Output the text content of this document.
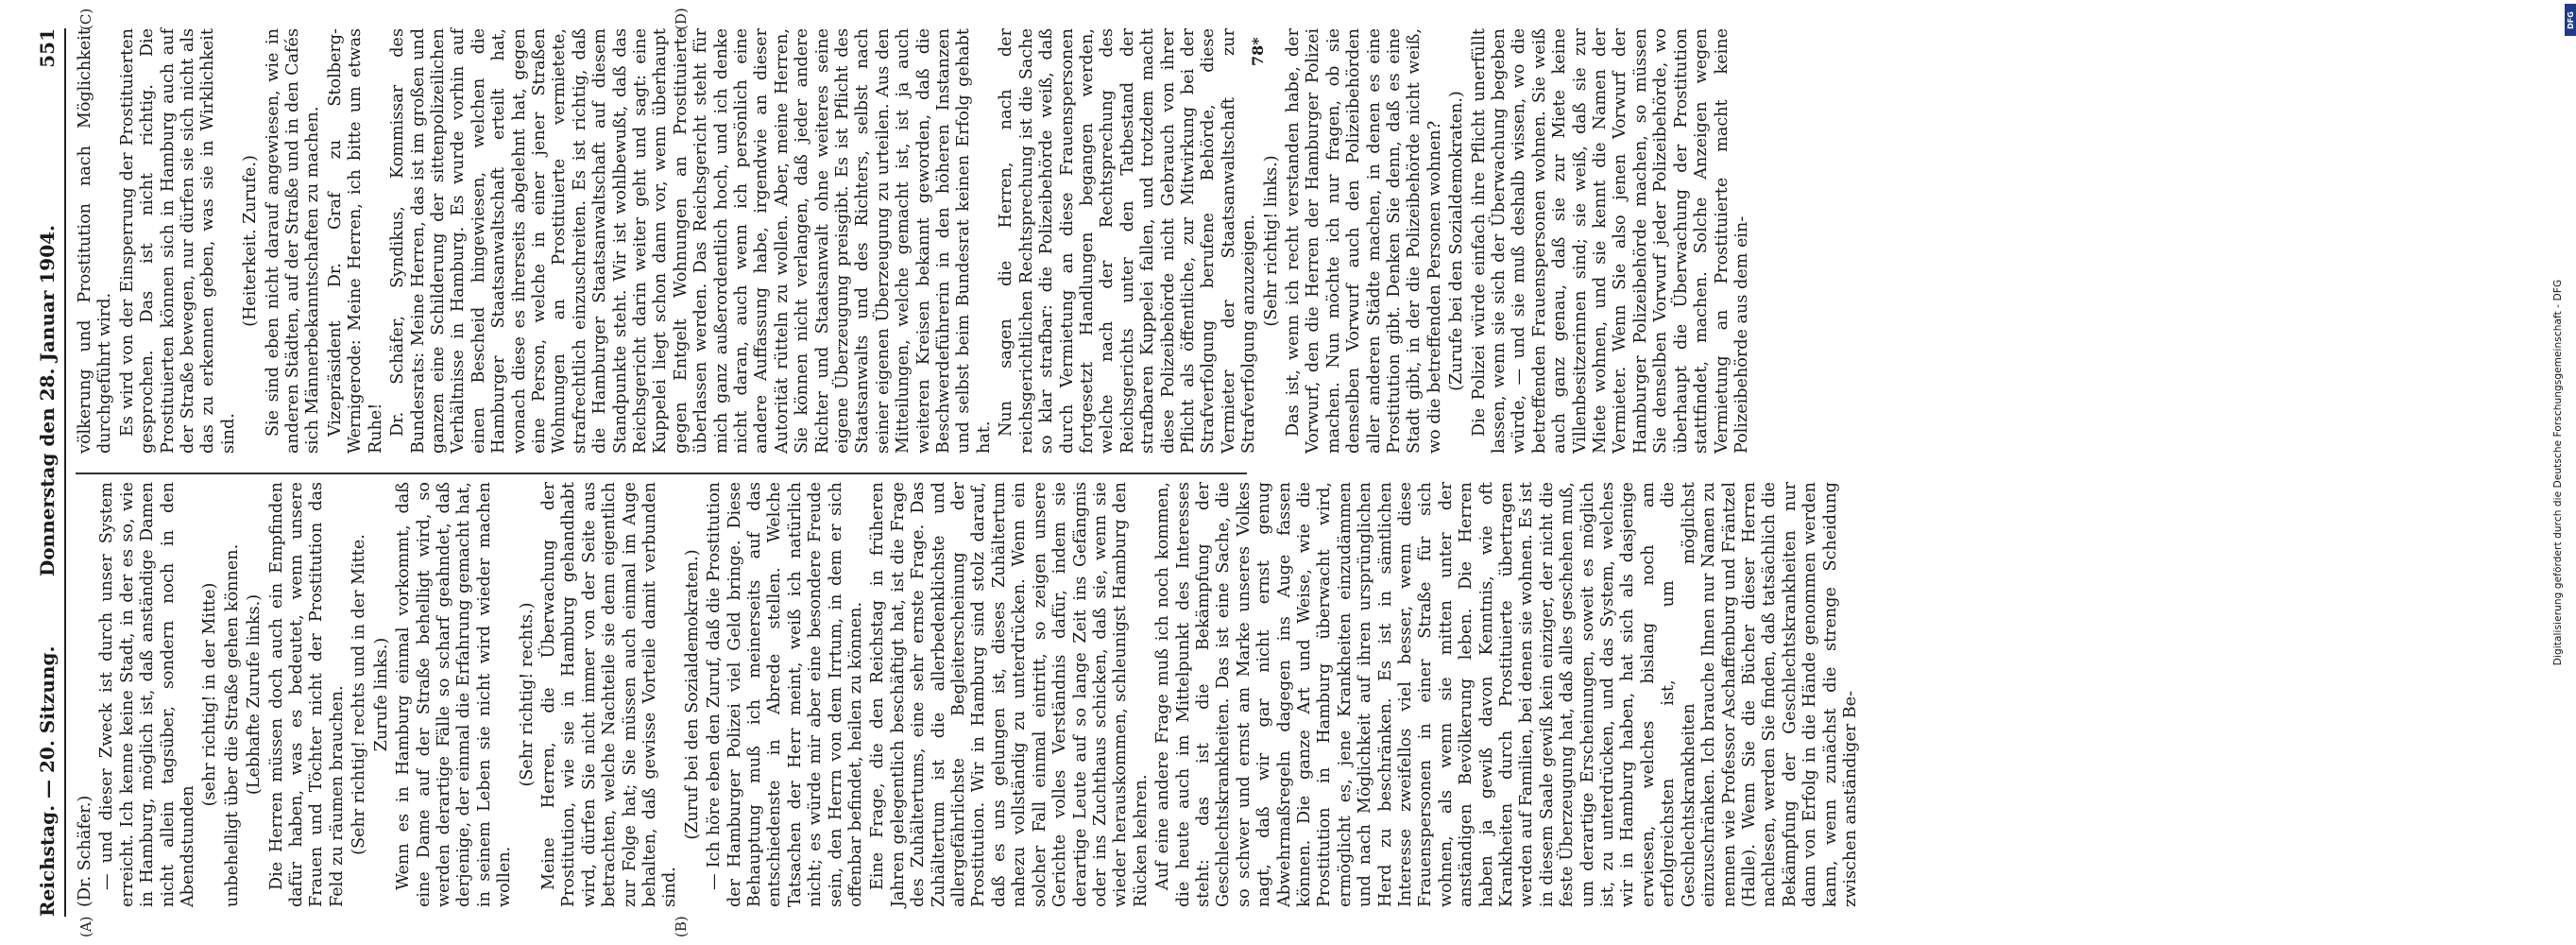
DFG
Digitalisierung gefördert durch die Deutsche Forschungsgemeinschaft - DFG
Reichstag. — 20. Sitzung.
Donnerstag den 28. Januar 1904.
551
(A)	(B)
(C)	(D)

(Dr. Schäfer.) — und dieser Zweck ist durch unser System erreicht. Ich kenne keine Stadt, in der es so, wie in Hamburg, möglich ist, daß anständige Damen nicht allein tagsüber, sondern noch in den Abendstunden

(sehr richtig! in der Mitte) unbehelligt über die Straße gehen können. (Lebhafte Zurufe links.) Die Herren müssen doch auch ein Empfinden dafür haben, was es bedeutet, wenn unsere Frauen und Töchter nicht der Prostitution das Feld zu räumen brauchen. (Sehr richtig! rechts und in der Mitte. Zurufe links.) Wenn es in Hamburg einmal vorkommt, daß eine Dame auf der Straße behelligt wird, so werden derartige Fälle so scharf geahndet, daß derjenige, der einmal die Erfahrung gemacht hat, in seinem Leben sie nicht wird wieder machen wollen.

(Sehr richtig! rechts.) Meine Herren, die Überwachung der Prostitution, wie sie in Hamburg gehandhabt wird, dürfen Sie nicht immer von der Seite aus betrachten, welche Nachteile sie denn eigentlich zur Folge hat; Sie müssen auch einmal im Auge behalten, daß gewisse Vorteile damit verbunden sind.

(Zuruf bei den Sozialdemokraten.) — Ich höre eben den Zuruf, daß die Prostitution der Hamburger Polizei viel Geld bringe. Diese Behauptung muß ich meinerseits auf das entschiedenste in Abrede stellen. Welche Tatsachen der Herr meint, weiß ich natürlich nicht; es würde mir aber eine besondere Freude sein, den Herrn von dem Irrtum, in dem er sich offenbar befindet, heilen zu können. Eine Frage, die den Reichstag in früheren Jahren gelegentlich beschäftigt hat, ist die Frage des Zuhältertums, eine sehr ernste Frage. Das Zuhältertum ist die allerbedenklichste und allergefährlichste Begleiterscheinung der Prostitution. Wir in Hamburg sind stolz darauf, daß es uns gelungen ist, dieses Zuhältertum nahezu vollständig zu unterdrücken. Wenn ein solcher Fall einmal eintritt, so zeigen unsere Gerichte volles Verständnis dafür, indem sie derartige Leute auf so lange Zeit ins Gefängnis oder ins Zuchthaus schicken, daß sie, wenn sie wieder herauskommen, schleunigst Hamburg den Rücken kehren. Auf eine andere Frage muß ich noch kommen, die heute auch im Mittelpunkt des Interesses steht: das ist die Bekämpfung der Geschlechtskrankheiten. Das ist eine Sache, die so schwer und ernst am Marke unseres Volkes nagt, daß wir gar nicht ernst genug Abwehrmaßregeln dagegen ins Auge fassen können. Die ganze Art und Weise, wie die Prostitution in Hamburg überwacht wird, ermöglicht es, jene Krankheiten einzudämmen und nach Möglichkeit auf ihren ursprünglichen Herd zu beschränken. Es ist in sämtlichen Interesse zweifellos viel besser, wenn diese Frauenspersonen in einer Straße für sich wohnen, als wenn sie mitten unter der anständigen Bevölkerung leben. Die Herren haben ja gewiß davon Kenntnis, wie oft Krankheiten durch Prostituierte übertragen werden auf Familien, bei denen sie wohnen. Es ist in diesem Saale gewiß kein einziger, der nicht die feste Überzeugung hat, daß alles geschehen muß, um derartige Erscheinungen, soweit es möglich ist, zu unterdrücken, und das System, welches wir in Hamburg haben, hat sich als dasjenige erwiesen, welches bislang noch am erfolgreichsten ist, um die Geschlechtskrankheiten möglichst einzuschränken. Ich brauche Ihnen nur Namen zu nennen wie Professor Aschaffenburg und Fräntzel (Halle). Wenn Sie die Bücher dieser Herren nachlesen, werden Sie finden, daß tatsächlich die Bekämpfung der Geschlechtskrankheiten nur dann von Erfolg in die Hände genommen werden kann, wenn zunächst die strenge Scheidung zwischen anständiger Be-

völkerung und Prostitution nach Möglichkeit durchgeführt wird. Es wird von der Einsperrung der Prostituierten gesprochen. Das ist nicht richtig. Die Prostituierten können sich in Hamburg auch auf der Straße bewegen, nur dürfen sie sich nicht als das zu erkennen geben, was sie in Wirklichkeit sind.

(Heiterkeit. Zurufe.) Sie sind eben nicht darauf angewiesen, wie in anderen Städten, auf der Straße und in den Cafés sich Männerbekanntschaften zu machen. Vizepräsident Dr. Graf zu Stolberg-Wernigerode: Meine Herren, ich bitte um etwas Ruhe! Dr. Schäfer, Syndikus, Kommissar des Bundesrats: Meine Herren, das ist im großen und ganzen eine Schilderung der sittenpolizeilichen Verhältnisse in Hamburg. Es wurde vorhin auf einen Bescheid hingewiesen, welchen die Hamburger Staatsanwaltschaft erteilt hat, wonach diese es ihrerseits abgelehnt hat, gegen eine Person, welche in einer jener Straßen Wohnungen an Prostituierte vermietete, strafrechtlich einzuschreiten. Es ist richtig, daß die Hamburger Staatsanwaltschaft auf diesem Standpunkte steht. Wir ist wohlbewußt, daß das Reichsgericht darin weiter geht und sagt: eine Kuppelei liegt schon dann vor, wenn überhaupt gegen Entgelt Wohnungen an Prostituierte überlassen werden. Das Reichsgericht steht für mich ganz außerordentlich hoch, und ich denke nicht daran, auch wenn ich persönlich eine andere Auffassung habe, irgendwie an dieser Autorität rütteln zu wollen. Aber, meine Herren, Sie können nicht verlangen, daß jeder andere Richter und Staatsanwalt ohne weiteres seine eigene Überzeugung preisgibt. Es ist Pflicht des Staatsanwalts und des Richters, selbst nach seiner eigenen Überzeugung zu urteilen. Aus den Mitteilungen, welche gemacht ist, ist ja auch weiteren Kreisen bekannt geworden, daß die Beschwerdeführerin in den höheren Instanzen und selbst beim Bundesrat keinen Erfolg gehabt hat.

Nun sagen die Herren, nach der reichsgerichtlichen Rechtsprechung ist die Sache so klar strafbar: die Polizeibehörde weiß, daß durch Vermietung an diese Frauenspersonen fortgesetzt Handlungen begangen werden, welche nach der Rechtsprechung des Reichsgerichts unter den Tatbestand der strafbaren Kuppelei fallen, und trotzdem macht diese Polizeibehörde nicht Gebrauch von ihrer Pflicht als öffentliche, zur Mitwirkung bei der Strafverfolgung berufene Behörde, diese Vermieter der Staatsanwaltschaft zur Strafverfolgung anzuzeigen. (Sehr richtig! links.) Das ist, wenn ich recht verstanden habe, der Vorwurf, den die Herren der Hamburger Polizei machen. Nun möchte ich nur fragen, ob sie denselben Vorwurf auch den Polizeibehörden aller anderen Städte machen, in denen es eine Prostitution gibt. Denken Sie denn, daß es eine Stadt gibt, in der die Polizeibehörde nicht weiß, wo die betreffenden Personen wohnen? (Zurufe bei den Sozialdemokraten.) Die Polizei würde einfach ihre Pflicht unerfüllt lassen, wenn sie sich der Überwachung begeben würde, — und sie muß deshalb wissen, wo die betreffenden Frauenspersonen wohnen. Sie weiß auch ganz genau, daß sie zur Miete keine Villenbesitzerinnen sind; sie weiß, daß sie zur Miete wohnen, und sie kennt die Namen der Vermieter. Wenn Sie also jenen Vorwurf der Hamburger Polizeibehörde machen, so müssen Sie denselben Vorwurf jeder Polizeibehörde, wo überhaupt die Überwachung der Prostitution stattfindet, machen. Solche Anzeigen wegen Vermietung an Prostituierte macht keine Polizeibehörde aus dem ein-

78*
